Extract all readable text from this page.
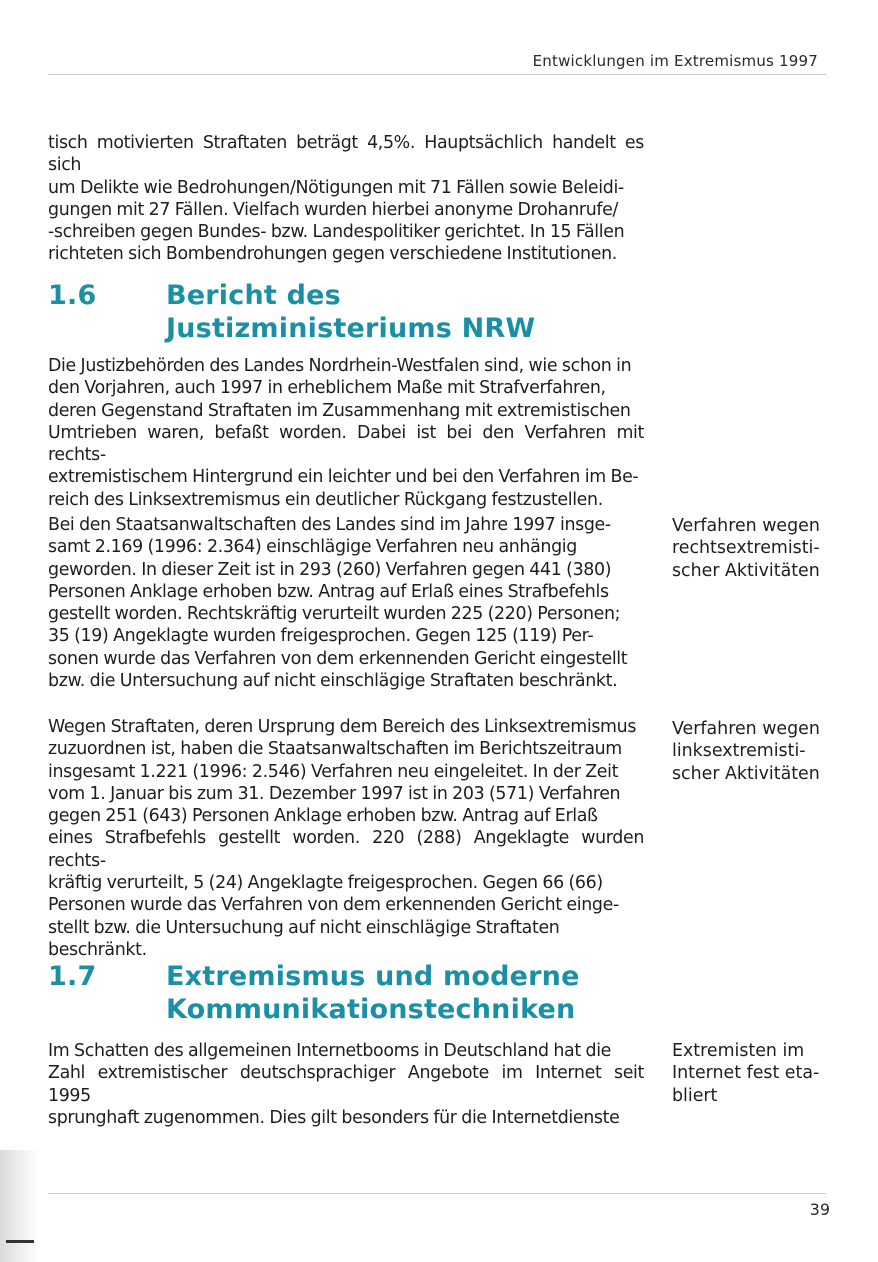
Entwicklungen im Extremismus 1997

tisch motivierten Straftaten beträgt 4,5%. Hauptsächlich handelt es sich

um Delikte wie Bedrohungen/Nötigungen mit 71 Fällen sowie Beleidi-

gungen mit 27 Fällen. Vielfach wurden hierbei anonyme Drohanrufe/

-schreiben gegen Bundes- bzw. Landespolitiker gerichtet. In 15 Fällen

richteten sich Bombendrohungen gegen verschiedene Institutionen.

1.6	Bericht des Justizministeriums NRW

Die Justizbehörden des Landes Nordrhein-Westfalen sind, wie schon in

den Vorjahren, auch 1997 in erheblichem Maße mit Strafverfahren,

deren Gegenstand Straftaten im Zusammenhang mit extremistischen

Umtrieben waren, befaßt worden. Dabei ist bei den Verfahren mit rechts-

extremistischem Hintergrund ein leichter und bei den Verfahren im Be-

reich des Linksextremismus ein deutlicher Rückgang festzustellen.

Bei den Staatsanwaltschaften des Landes sind im Jahre 1997 insge-

samt 2.169 (1996: 2.364) einschlägige Verfahren neu anhängig

geworden. In dieser Zeit ist in 293 (260) Verfahren gegen 441 (380)

Personen Anklage erhoben bzw. Antrag auf Erlaß eines Strafbefehls

gestellt worden. Rechtskräftig verurteilt wurden 225 (220) Personen;

35 (19) Angeklagte wurden freigesprochen. Gegen 125 (119) Per-

sonen wurde das Verfahren von dem erkennenden Gericht eingestellt

bzw. die Untersuchung auf nicht einschlägige Straftaten beschränkt.

Wegen Straftaten, deren Ursprung dem Bereich des Linksextremismus

zuzuordnen ist, haben die Staatsanwaltschaften im Berichtszeitraum

insgesamt 1.221 (1996: 2.546) Verfahren neu eingeleitet. In der Zeit

vom 1. Januar bis zum 31. Dezember 1997 ist in 203 (571) Verfahren

gegen 251 (643) Personen Anklage erhoben bzw. Antrag auf Erlaß

eines Strafbefehls gestellt worden. 220 (288) Angeklagte wurden rechts-

kräftig verurteilt, 5 (24) Angeklagte freigesprochen. Gegen 66 (66)

Personen wurde das Verfahren von dem erkennenden Gericht einge-

stellt bzw. die Untersuchung auf nicht einschlägige Straftaten beschränkt.

Verfahren wegen rechtsextremisti-scher Aktivitäten
Verfahren wegen linksextremisti-scher Aktivitäten
1.7	Extremismus und moderne Kommunikationstechniken

Im Schatten des allgemeinen Internetbooms in Deutschland hat die

Zahl extremistischer deutschsprachiger Angebote im Internet seit 1995

sprunghaft zugenommen. Dies gilt besonders für die Internetdienste

Extremisten im Internet fest eta-bliert
39
